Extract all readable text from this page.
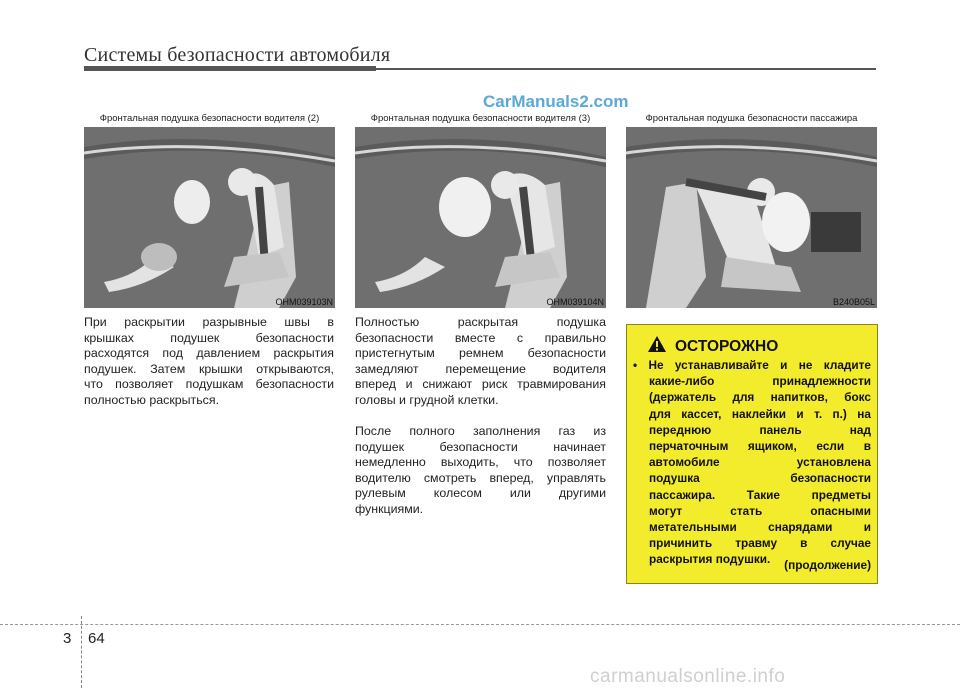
Системы безопасности автомобиля
CarManuals2.com
Фронтальная подушка безопасности водителя (2)
OHM039103N
Фронтальная подушка безопасности водителя (3)
OHM039104N
Фронтальная подушка безопасности пассажира
B240B05L
При раскрытии разрывные швы в
крышках подушек безопасности
расходятся под давлением раскрытия
подушек. Затем крышки открываются,
что позволяет подушкам безопасности
полностью раскрыться.
Полностью раскрытая подушка
безопасности вместе с правильно
пристегнутым ремнем безопасности
замедляют перемещение водителя
вперед и снижают риск травмирования
головы и грудной клетки.
После полного заполнения газ из
подушек безопасности начинает
немедленно выходить, что позволяет
водителю смотреть вперед, управлять
рулевым колесом или другими
функциями.
ОСТОРОЖНО
• Не устанавливайте и не кладите
какие-либо принадлежности
(держатель для напитков, бокс
для кассет, наклейки и т. п.) на
переднюю панель над
перчаточным ящиком, если в
автомобиле установлена
подушка безопасности
пассажира. Такие предметы
могут стать опасными
метательными снарядами и
причинить травму в случае
раскрытия подушки.	(продолжение)
3 64
carmanualsonline.info
